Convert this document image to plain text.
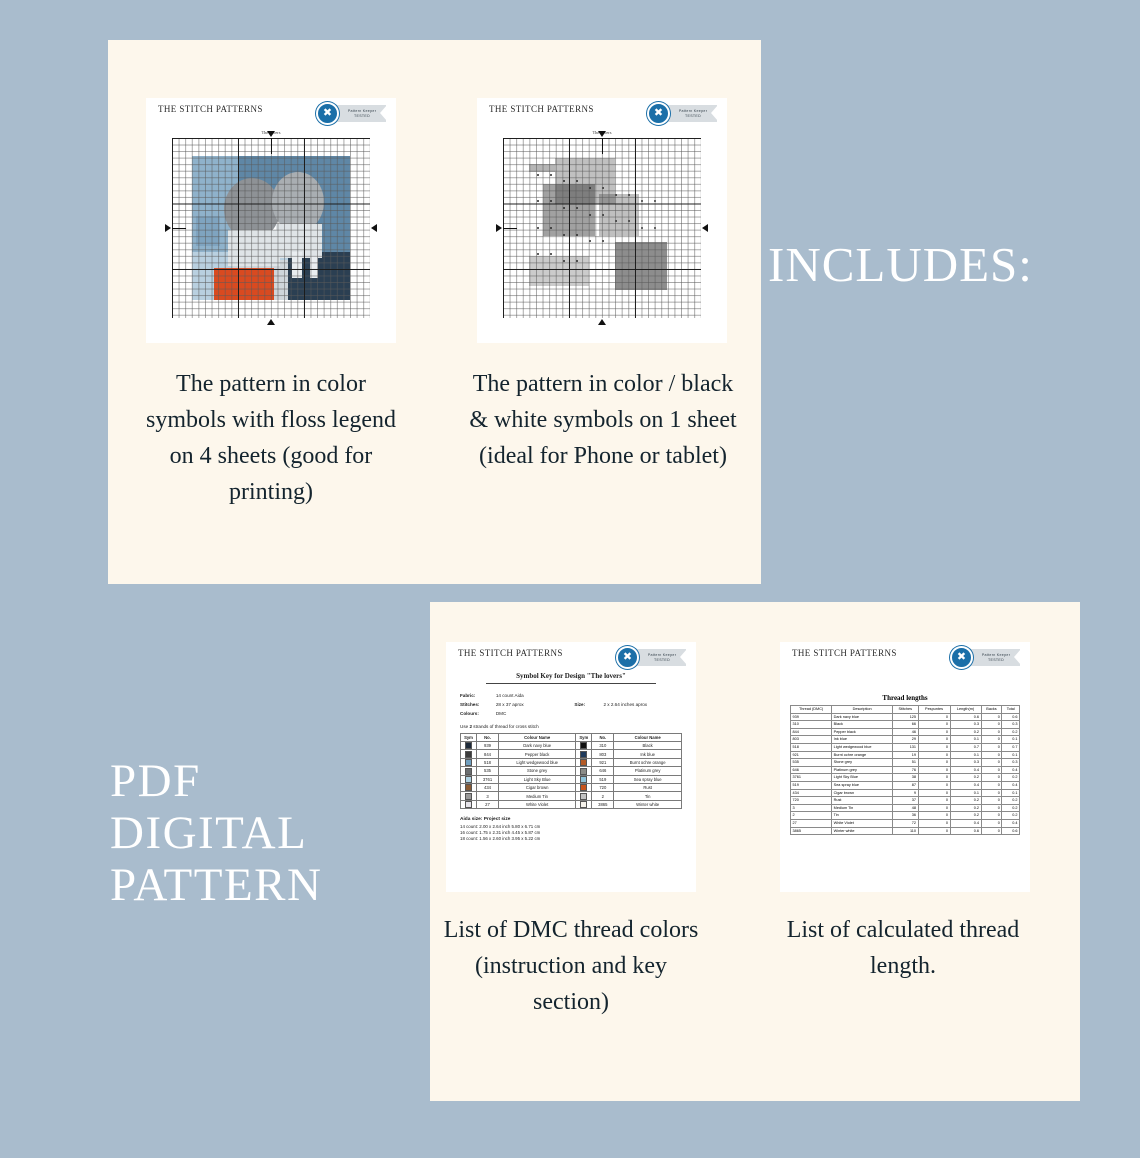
THE STITCH PATTERNS	✖	Pattern Keeper
TESTED
The lovers
THE STITCH PATTERNS	✖	Pattern Keeper
TESTED
The lovers
The pattern in color symbols with floss legend on 4 sheets (good for printing)
The pattern in color / black & white symbols on 1 sheet (ideal for Phone or tablet)
INCLUDES:
PDF
DIGITAL
PATTERN
THE STITCH PATTERNS	✖	Pattern Keeper
TESTED
Symbol Key for Design "The lovers"
Fabric:	14 count Aida
Stitches:	28 x 37 aprox	Size:	2 x 2.64 inches aprox
Colours:	DMC
Use 2 strands of thread for cross stitch
Sym	No.	Colour Name	Sym	No.	Colour Name
	939	Dark navy blue		310	Black
	844	Pepper black		803	Ink blue
	518	Light wedgewood blue		921	Burnt ochre orange
	535	Stone grey		646	Platinum grey
	3761	Light Sky Blue		519	Sea spray blue
	434	Cigar brown		720	Rust
	3	Medium Tin		2	Tin
	27	White Violet		3865	Winter white
Aida size: Project size
14 count: 2.00 x 2.64 inch 5.80 x 6.71 cm
16 count: 1.75 x 2.31 inch 4.45 x 5.87 cm
18 count: 1.56 x 2.60 inch 3.95 x 5.22 cm
THE STITCH PATTERNS	✖	Pattern Keeper
TESTED
Thread lengths
Thread (DMC)	Description	Stitches	Pespuntes	Length(m)	Backs	Total
939	Dark navy blue	125	0	0.6	0	0.6
310	Black	66	0	0.3	0	0.3
844	Pepper black	46	0	0.2	0	0.2
803	Ink blue	29	0	0.1	0	0.1
518	Light wedgewood blue	131	0	0.7	0	0.7
921	Burnt ochre orange	19	0	0.1	0	0.1
535	Stone grey	51	0	0.3	0	0.3
646	Platinum grey	76	0	0.4	0	0.4
3761	Light Sky Blue	38	0	0.2	0	0.2
519	Sea spray blue	87	0	0.4	0	0.4
434	Cigar brown	9	0	0.1	0	0.1
720	Rust	37	0	0.2	0	0.2
3	Medium Tin	48	0	0.2	0	0.2
2	Tin	36	0	0.2	0	0.2
27	White Violet	72	0	0.4	0	0.4
3865	Winter white	110	0	0.6	0	0.6
List of DMC thread colors (instruction and key section)
List of calculated thread length.
